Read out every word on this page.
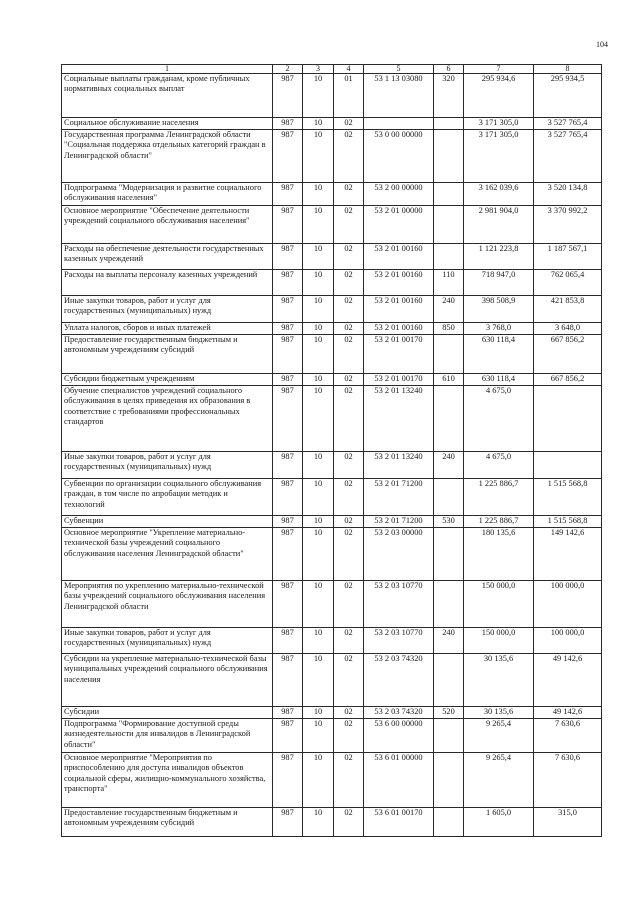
104
1	2	3	4	5	6	7	8
Социальные выплаты гражданам, кроме публичных нормативных социальных выплат	987	10	01	53 1 13 03080	320	295 934,6	295 934,5
Социальное обслуживание населения	987	10	02			3 171 305,0	3 527 765,4
Государственная программа Ленинградской области "Социальная поддержка отдельных категорий граждан в Ленинградской области"	987	10	02	53 0 00 00000		3 171 305,0	3 527 765,4
Подпрограмма "Модернизация и развитие социального обслуживания населения"	987	10	02	53 2 00 00000		3 162 039,6	3 520 134,8
Основное мероприятие "Обеспечение деятельности учреждений социального обслуживания населения"	987	10	02	53 2 01 00000		2 981 904,0	3 370 992,2
Расходы на обеспечение деятельности государственных казенных учреждений	987	10	02	53 2 01 00160		1 121 223,8	1 187 567,1
Расходы на выплаты персоналу казенных учреждений	987	10	02	53 2 01 00160	110	718 947,0	762 065,4
Иные закупки товаров, работ и услуг для государственных (муниципальных) нужд	987	10	02	53 2 01 00160	240	398 508,9	421 853,8
Уплата налогов, сборов и иных платежей	987	10	02	53 2 01 00160	850	3 768,0	3 648,0
Предоставление государственным бюджетным и автономным учреждениям субсидий	987	10	02	53 2 01 00170		630 118,4	667 856,2
Субсидии бюджетным учреждениям	987	10	02	53 2 01 00170	610	630 118,4	667 856,2
Обучение специалистов учреждений социального обслуживания в целях приведения их образования в соответствие с требованиями профессиональных стандартов	987	10	02	53 2 01 13240		4 675,0	
Иные закупки товаров, работ и услуг для государственных (муниципальных) нужд	987	10	02	53 2 01 13240	240	4 675,0	
Субвенции по организации социального обслуживания граждан, в том числе по апробации методик и технологий	987	10	02	53 2 01 71200		1 225 886,7	1 515 568,8
Субвенции	987	10	02	53 2 01 71200	530	1 225 886,7	1 515 568,8
Основное мероприятие "Укрепление материально- технической базы учреждений социального обслуживания населения Ленинградской области"	987	10	02	53 2 03 00000		180 135,6	149 142,6
Мероприятия по укреплению материально-технической базы учреждений социального обслуживания населения Ленинградской области	987	10	02	53 2 03 10770		150 000,0	100 000,0
Иные закупки товаров, работ и услуг для государственных (муниципальных) нужд	987	10	02	53 2 03 10770	240	150 000,0	100 000,0
Субсидии на укрепление материально-технической базы муниципальных учреждений социального обслуживания населения	987	10	02	53 2 03 74320		30 135,6	49 142,6
Субсидии	987	10	02	53 2 03 74320	520	30 135,6	49 142,6
Подпрограмма "Формирование доступной среды жизнедеятельности для инвалидов в Ленинградской области"	987	10	02	53 6 00 00000		9 265,4	7 630,6
Основное мероприятие "Мероприятия по приспособлению для доступа инвалидов объектов социальной сферы, жилищно-коммунального хозяйства, транспорта"	987	10	02	53 6 01 00000		9 265,4	7 630,6
Предоставление государственным бюджетным и автономным учреждениям субсидий	987	10	02	53 6 01 00170		1 605,0	315,0
